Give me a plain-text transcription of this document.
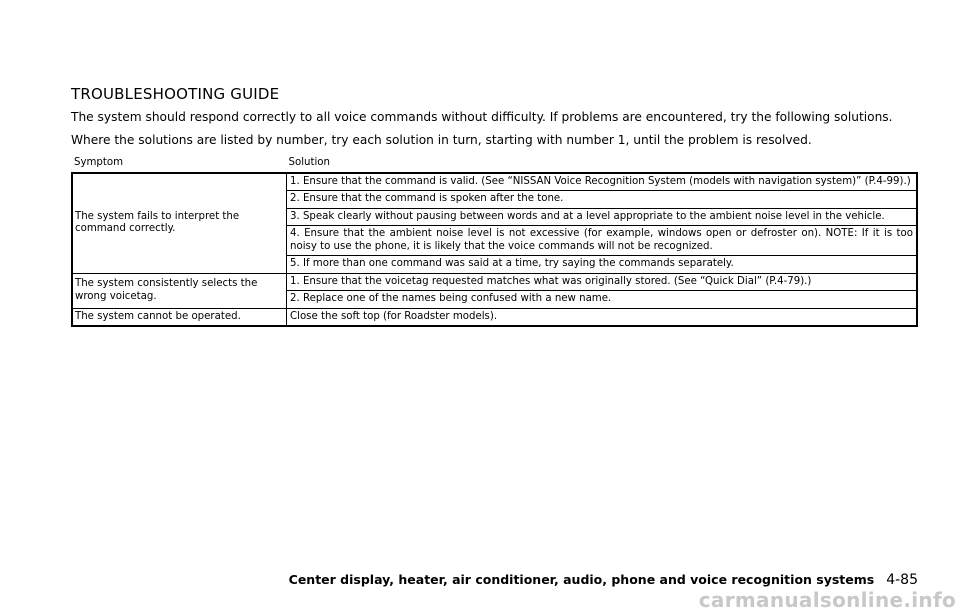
TROUBLESHOOTING GUIDE

The system should respond correctly to all voice commands without difficulty. If problems are encountered, try the following solutions.

Where the solutions are listed by number, try each solution in turn, starting with number 1, until the problem is resolved.

Symptom	Solution
The system fails to interpret the command correctly.	1. Ensure that the command is valid. (See “NISSAN Voice Recognition System (models with navigation system)” (P.4-99).)
	2. Ensure that the command is spoken after the tone.
	3. Speak clearly without pausing between words and at a level appropriate to the ambient noise level in the vehicle.
	4. Ensure that the ambient noise level is not excessive (for example, windows open or defroster on). NOTE: If it is too noisy to use the phone, it is likely that the voice commands will not be recognized.
	5. If more than one command was said at a time, try saying the commands separately.
The system consistently selects the wrong voicetag.	1. Ensure that the voicetag requested matches what was originally stored. (See “Quick Dial” (P.4-79).)
	2. Replace one of the names being confused with a new name.
The system cannot be operated.	Close the soft top (for Roadster models).
Center display, heater, air conditioner, audio, phone and voice recognition systems 4-85
carmanualsonline.info
